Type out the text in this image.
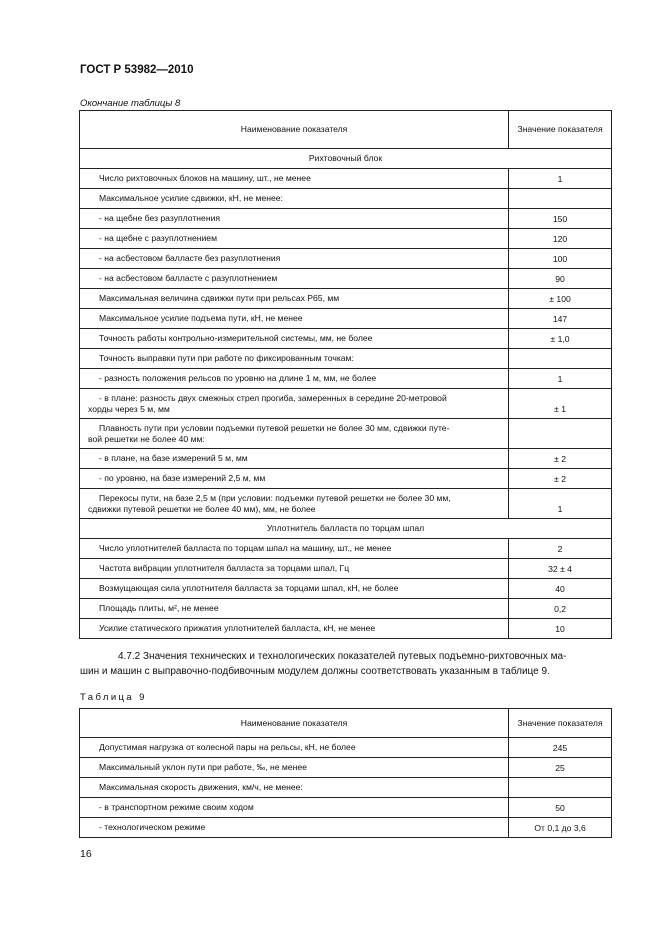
ГОСТ Р 53982—2010
Окончание таблицы 8
Наименование показателя	Значение показателя
Рихтовочный блок	
Число рихтовочных блоков на машину, шт., не менее	1
Максимальное усилие сдвижки, кН, не менее:	
- на щебне без разуплотнения	150
- на щебне с разуплотнением	120
- на асбестовом балласте без разуплотнения	100
- на асбестовом балласте с разуплотнением	90
Максимальная величина сдвижки пути при рельсах Р65, мм	± 100
Максимальное усилие подъема пути, кН, не менее	147
Точность работы контрольно-измерительной системы, мм, не более	± 1,0
Точность выправки пути при работе по фиксированным точкам:	
- разность положения рельсов по уровню на длине 1 м, мм, не более	1

- в плане: разность двух смежных стрел прогиба, замеренных в середине 20-метровой
хорды через 5 м, мм	± 1

Плавность пути при условии подъемки путевой решетки не более 30 мм, сдвижки путе-
вой решетки не более 40 мм:	

- в плане, на базе измерений 5 м, мм	± 2
- по уровню, на базе измерений 2,5 м, мм	± 2

Перекосы пути, на базе 2,5 м (при условии: подъемки путевой решетки не более 30 мм,
сдвижки путевой решетки не более 40 мм), мм, не более	1
Уплотнитель балласта по торцам шпал	
Число уплотнителей балласта по торцам шпал на машину, шт., не менее	2
Частота вибрации уплотнителя балласта за торцами шпал, Гц	32 ± 4
Возмущающая сила уплотнителя балласта за торцами шпал, кН, не более	40
Площадь плиты, м², не менее	0,2
Усилие статического прижатия уплотнителей балласта, кН, не менее	10
4.7.2 Значения технических и технологических показателей путевых подъемно-рихтовочных ма-
шин и машин с выправочно-подбивочным модулем должны соответствовать указанным в таблице 9.
Таблица 9
Наименование показателя	Значение показателя
Допустимая нагрузка от колесной пары на рельсы, кН, не более	245
Максимальный уклон пути при работе, ‰, не менее	25
Максимальная скорость движения, км/ч, не менее:	
- в транспортном режиме своим ходом	50
- технологическом режиме	От 0,1 до 3,6
16
